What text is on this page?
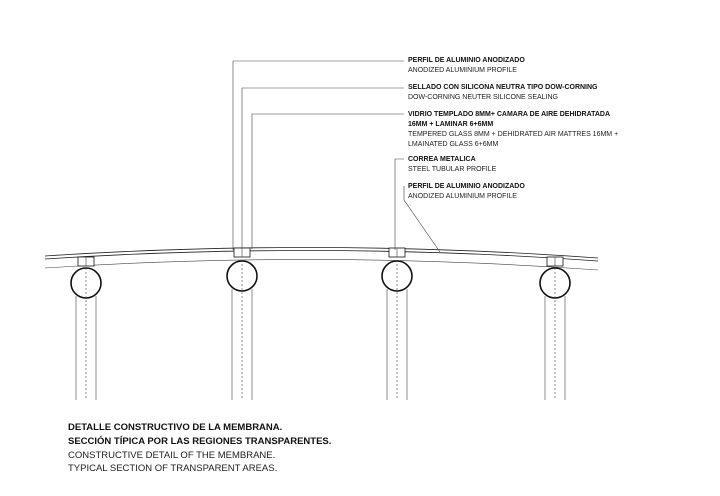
PERFIL DE ALUMINIO ANODIZADO
ANODIZED ALUMINIUM PROFILE
SELLADO CON SILICONA NEUTRA TIPO DOW-CORNING
DOW-CORNING NEUTER SILICONE SEALING
VIDRIO TEMPLADO 8MM+ CAMARA DE AIRE DEHIDRATADA
16MM + LAMINAR 6+6MM
TEMPERED GLASS 8MM + DEHIDRATED AIR MATTRES 16MM +
LMAINATED GLASS 6+6MM
CORREA METALICA
STEEL TUBULAR PROFILE
PERFIL DE ALUMINIO ANODIZADO
ANODIZED ALUMINIUM PROFILE
DETALLE CONSTRUCTIVO DE LA MEMBRANA.
SECCIÓN TÍPICA POR LAS REGIONES TRANSPARENTES.
CONSTRUCTIVE DETAIL OF THE MEMBRANE.
TYPICAL SECTION OF TRANSPARENT AREAS.
